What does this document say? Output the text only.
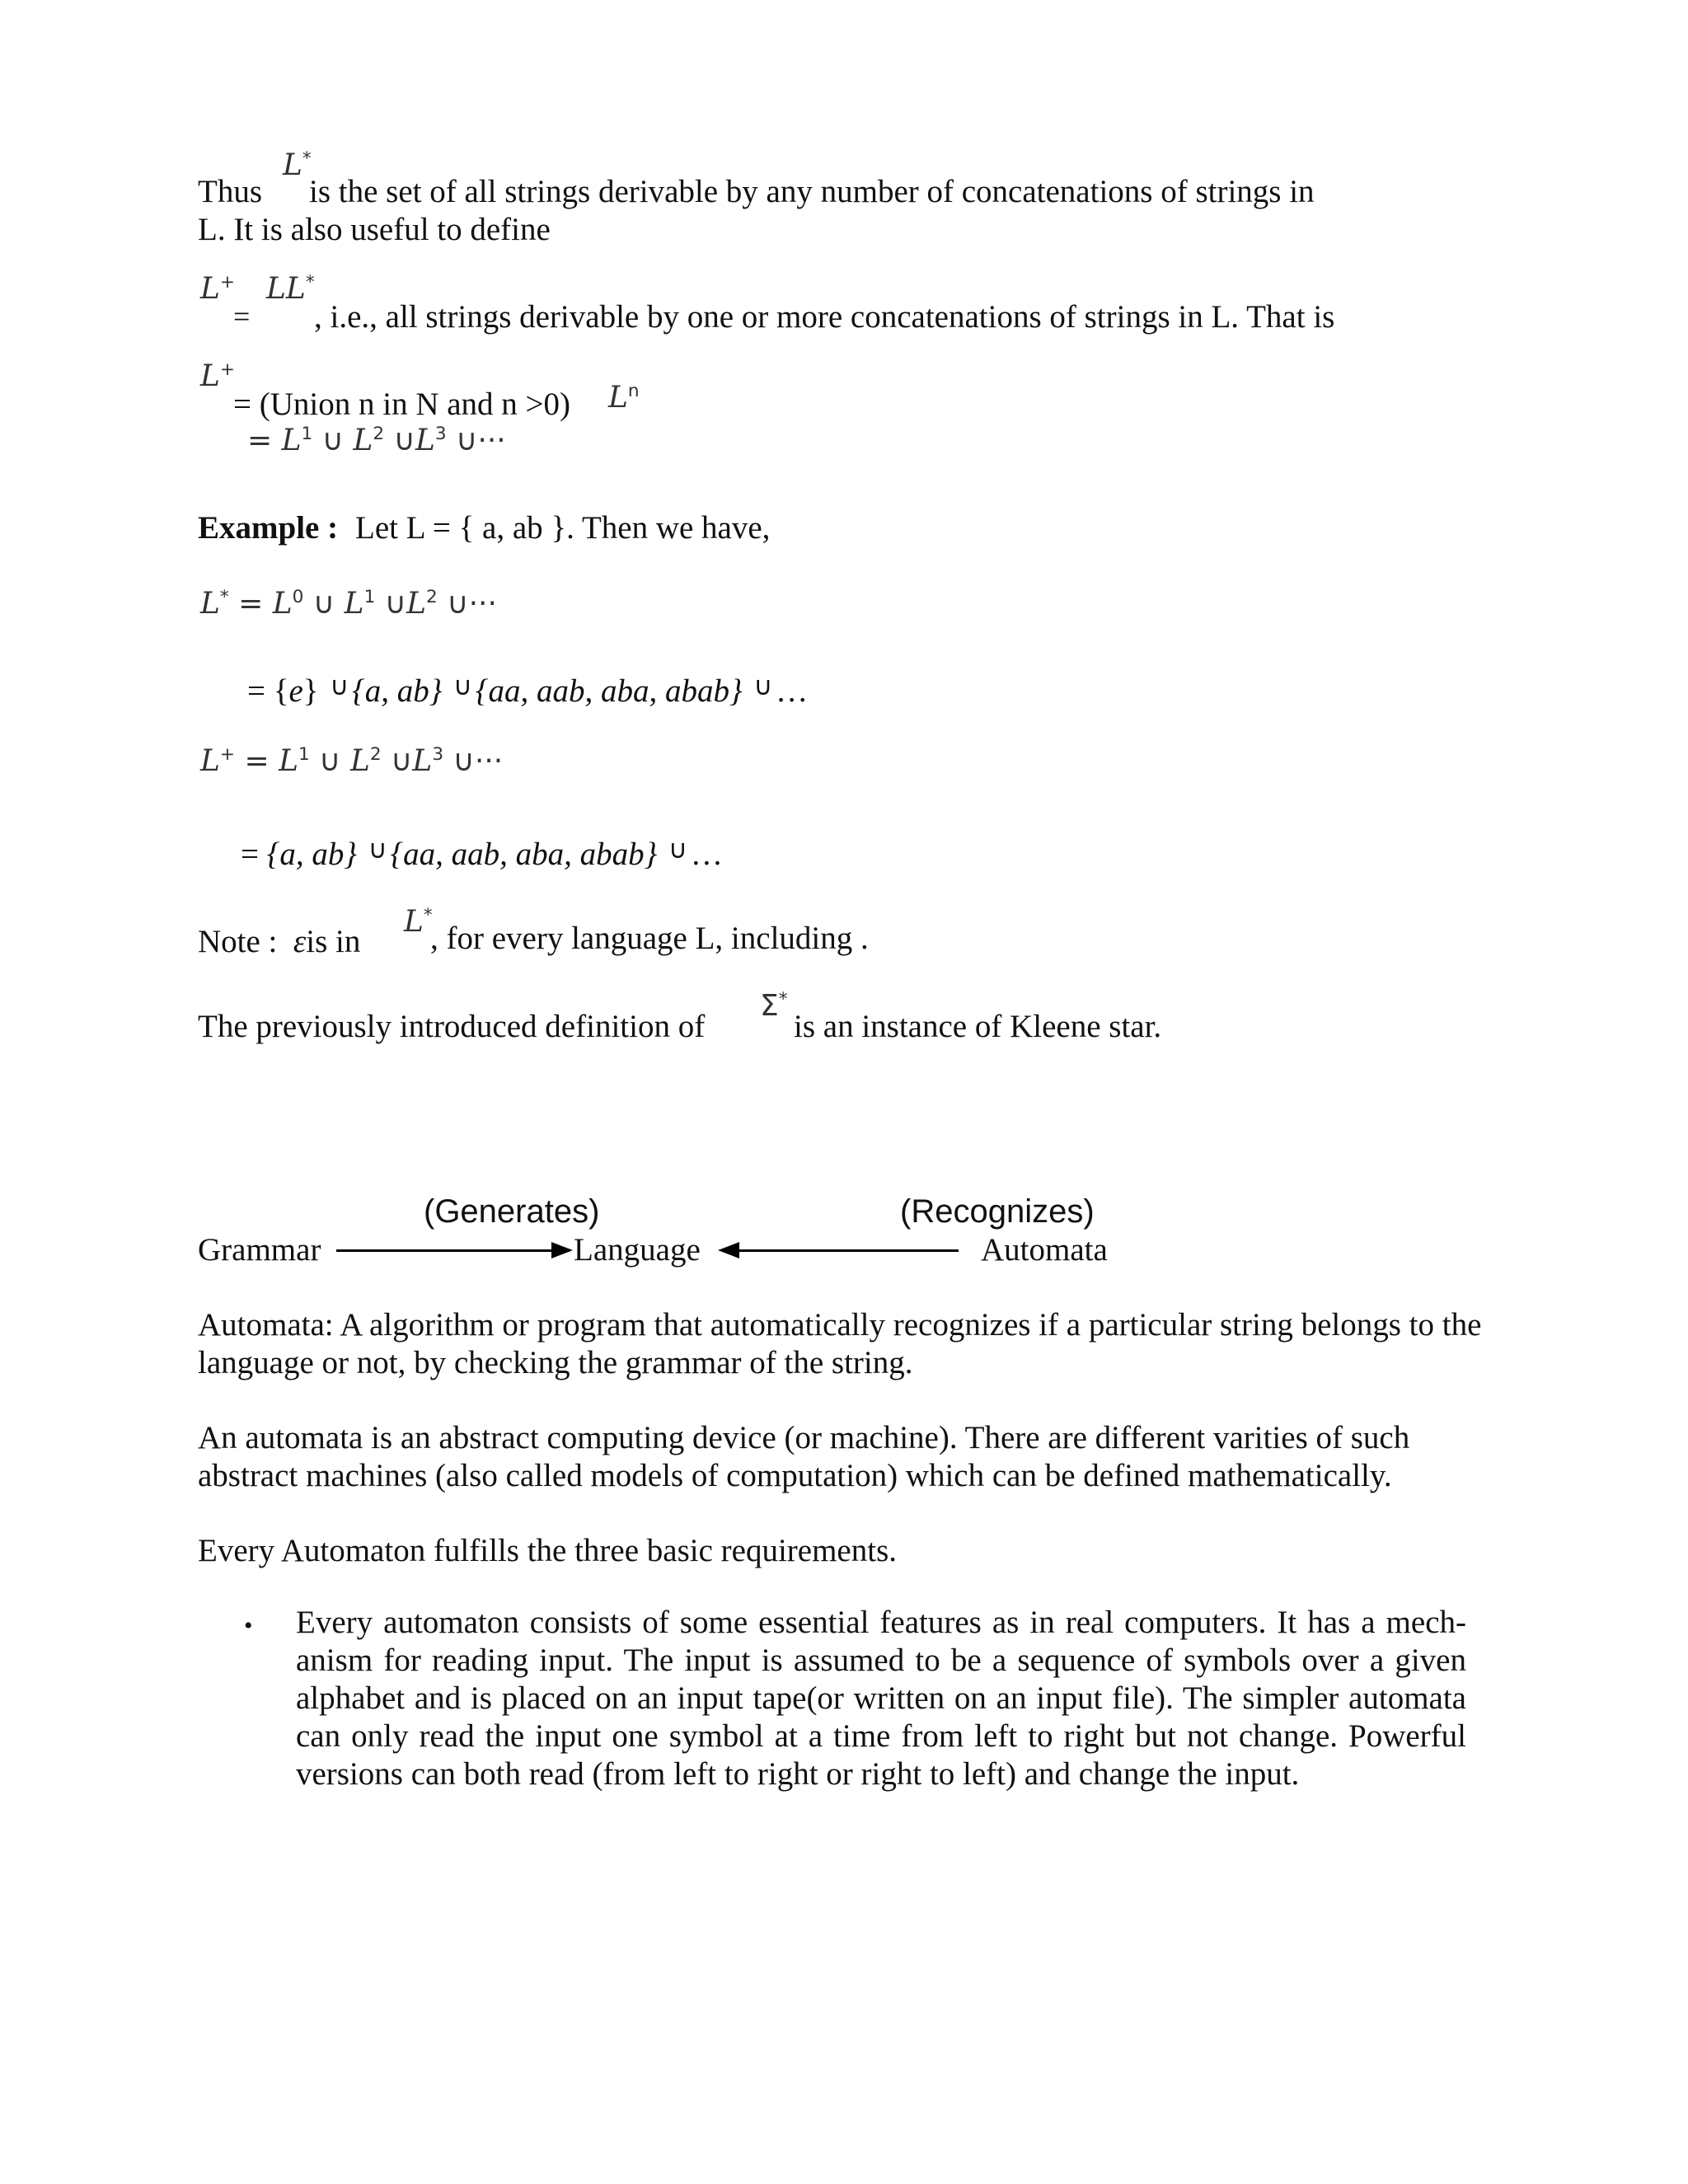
L*
Thus is the set of all strings derivable by any number of concatenations of strings in
L. It is also useful to define
L+ LL*
= , i.e., all strings derivable by one or more concatenations of strings in L. That is
L+
= (Union n in N and n >0) $L^n$
= $L^1$ ∪ $L^2$ $\cup L^3$ ∪···
Example : Let L = { a, ab }. Then we have,
$L^* = L^0$ ∪ $L^1$ $\cup L^2$ ∪···
= {e} ∪ {a, ab} ∪ {aa, aab, aba, abab} ∪ …
$L^+ = L^1$ ∪ $L^2$ $\cup L^3$ ∪···
= {a, ab} ∪ {aa, aab, aba, abab} ∪ …
Note : εis in
L*
, for every language L, including .
The previously introduced definition of
Σ*
is an instance of Kleene star.
(Generates)	(Recognizes)
Grammar	Language	Automata
Automata: A algorithm or program that automatically recognizes if a particular string belongs to the language or not, by checking the grammar of the string.
An automata is an abstract computing device (or machine). There are different varities of such abstract machines (also called models of computation) which can be defined mathematically.
Every Automaton fulfills the three basic requirements.
• Every automaton consists of some essential features as in real computers. It has a mech-anism for reading input. The input is assumed to be a sequence of symbols over a given alphabet and is placed on an input tape(or written on an input file). The simpler automata can only read the input one symbol at a time from left to right but not change. Powerful versions can both read (from left to right or right to left) and change the input.
